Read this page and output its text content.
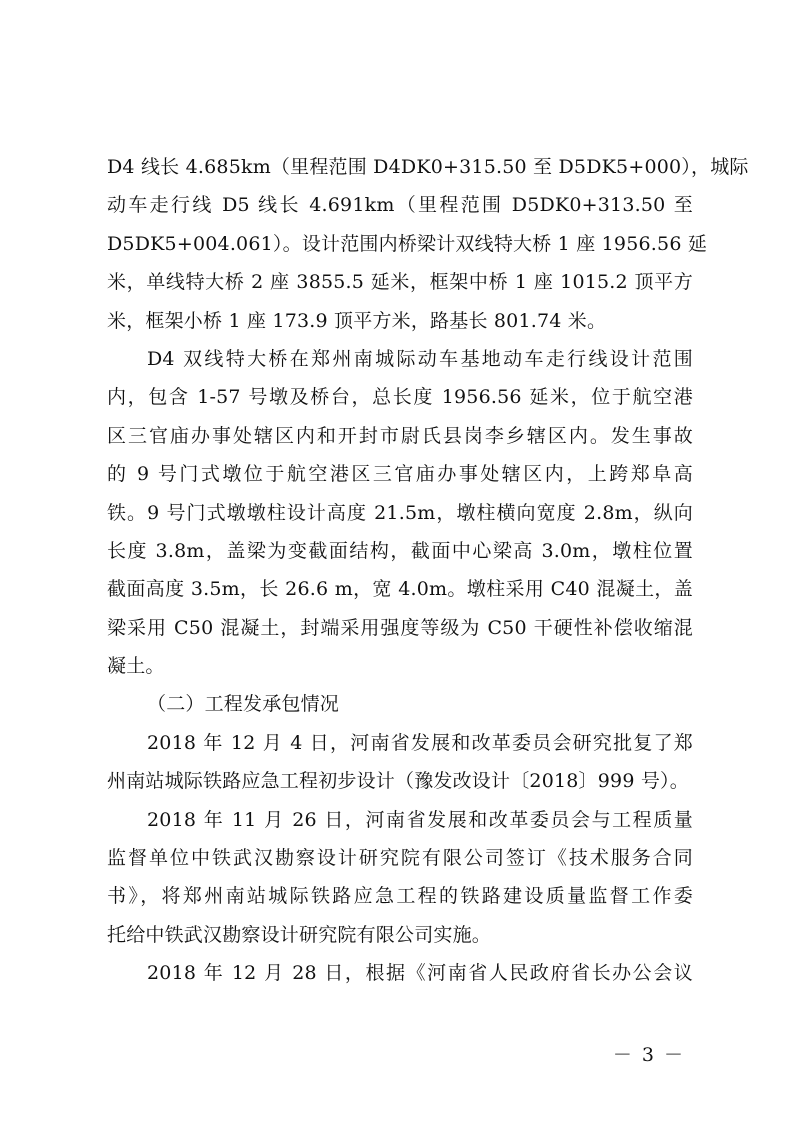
D4 线长 4.685km（里程范围 D4DK0+315.50 至 D5DK5+000），城际
动车走行线 D5 线长 4.691km（里程范围 D5DK0+313.50 至
D5DK5+004.061）。设计范围内桥梁计双线特大桥 1 座 1956.56 延
米，单线特大桥 2 座 3855.5 延米，框架中桥 1 座 1015.2 顶平方
米，框架小桥 1 座 173.9 顶平方米，路基长 801.74 米。
D4 双线特大桥在郑州南城际动车基地动车走行线设计范围
内，包含 1-57 号墩及桥台，总长度 1956.56 延米，位于航空港
区三官庙办事处辖区内和开封市尉氏县岗李乡辖区内。发生事故
的 9 号门式墩位于航空港区三官庙办事处辖区内，上跨郑阜高
铁。9 号门式墩墩柱设计高度 21.5m，墩柱横向宽度 2.8m，纵向
长度 3.8m，盖梁为变截面结构，截面中心梁高 3.0m，墩柱位置
截面高度 3.5m，长 26.6 m，宽 4.0m。墩柱采用 C40 混凝土，盖
梁采用 C50 混凝土，封端采用强度等级为 C50 干硬性补偿收缩混
凝土。
（二）工程发承包情况
2018 年 12 月 4 日，河南省发展和改革委员会研究批复了郑
州南站城际铁路应急工程初步设计（豫发改设计〔2018〕999 号）。
2018 年 11 月 26 日，河南省发展和改革委员会与工程质量
监督单位中铁武汉勘察设计研究院有限公司签订《技术服务合同
书》，将郑州南站城际铁路应急工程的铁路建设质量监督工作委
托给中铁武汉勘察设计研究院有限公司实施。
2018 年 12 月 28 日，根据《河南省人民政府省长办公会议
－ 3 －
